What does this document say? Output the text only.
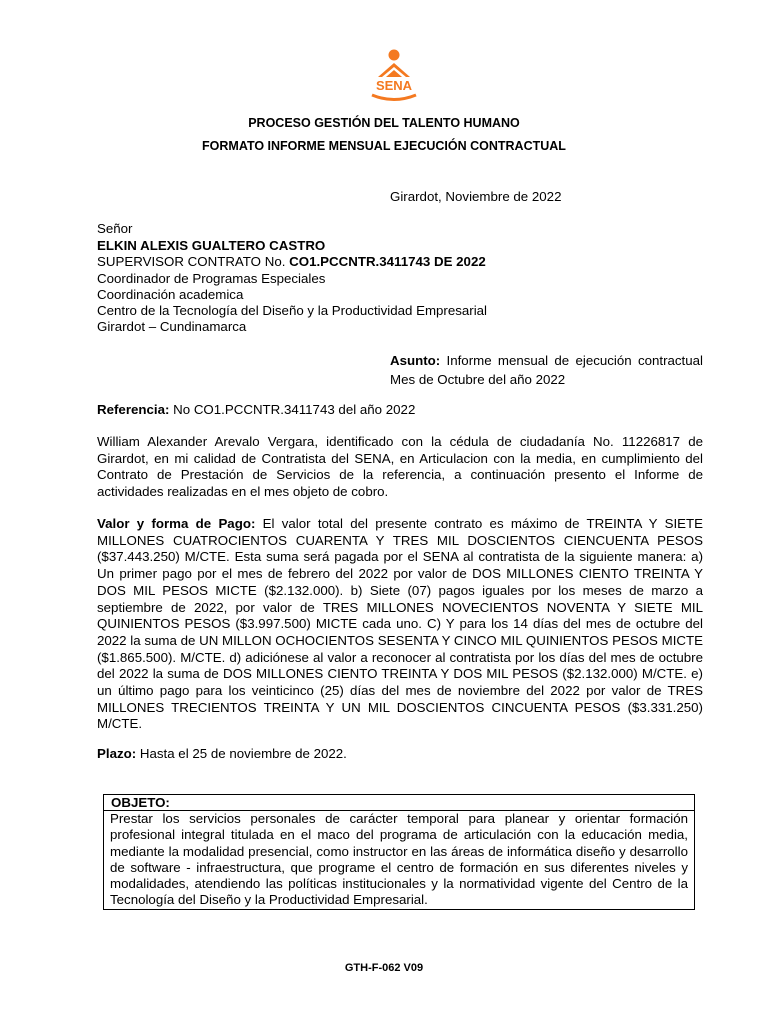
SENA
PROCESO GESTIÓN DEL TALENTO HUMANO
FORMATO INFORME MENSUAL EJECUCIÓN CONTRACTUAL
Girardot, Noviembre de 2022
Señor
ELKIN ALEXIS GUALTERO CASTRO
SUPERVISOR CONTRATO No. CO1.PCCNTR.3411743 DE 2022
Coordinador de Programas Especiales
Coordinación academica
Centro de la Tecnología del Diseño y la Productividad Empresarial
Girardot – Cundinamarca
Asunto: Informe mensual de ejecución contractual Mes de Octubre del año 2022
Referencia: No CO1.PCCNTR.3411743 del año 2022
William Alexander Arevalo Vergara, identificado con la cédula de ciudadanía No. 11226817 de Girardot, en mi calidad de Contratista del SENA, en Articulacion con la media, en cumplimiento del Contrato de Prestación de Servicios de la referencia, a continuación presento el Informe de actividades realizadas en el mes objeto de cobro.
Valor y forma de Pago: El valor total del presente contrato es máximo de TREINTA Y SIETE MILLONES CUATROCIENTOS CUARENTA Y TRES MIL DOSCIENTOS CIENCUENTA PESOS ($37.443.250) M/CTE. Esta suma será pagada por el SENA al contratista de la siguiente manera: a) Un primer pago por el mes de febrero del 2022 por valor de DOS MILLONES CIENTO TREINTA Y DOS MIL PESOS MICTE ($2.132.000). b) Siete (07) pagos iguales por los meses de marzo a septiembre de 2022, por valor de TRES MILLONES NOVECIENTOS NOVENTA Y SIETE MIL QUINIENTOS PESOS ($3.997.500) MICTE cada uno. C) Y para los 14 días del mes de octubre del 2022 la suma de UN MILLON OCHOCIENTOS SESENTA Y CINCO MIL QUINIENTOS PESOS MICTE ($1.865.500). M/CTE. d) adiciónese al valor a reconocer al contratista por los días del mes de octubre del 2022 la suma de DOS MILLONES CIENTO TREINTA Y DOS MIL PESOS ($2.132.000) M/CTE. e) un último pago para los veinticinco (25) días del mes de noviembre del 2022 por valor de TRES MILLONES TRECIENTOS TREINTA Y UN MIL DOSCIENTOS CINCUENTA PESOS ($3.331.250) M/CTE.
Plazo: Hasta el 25 de noviembre de 2022.
OBJETO:
Prestar los servicios personales de carácter temporal para planear y orientar formación profesional integral titulada en el maco del programa de articulación con la educación media, mediante la modalidad presencial, como instructor en las áreas de informática diseño y desarrollo de software - infraestructura, que programe el centro de formación en sus diferentes niveles y modalidades, atendiendo las políticas institucionales y la normatividad vigente del Centro de la Tecnología del Diseño y la Productividad Empresarial.
GTH-F-062 V09
